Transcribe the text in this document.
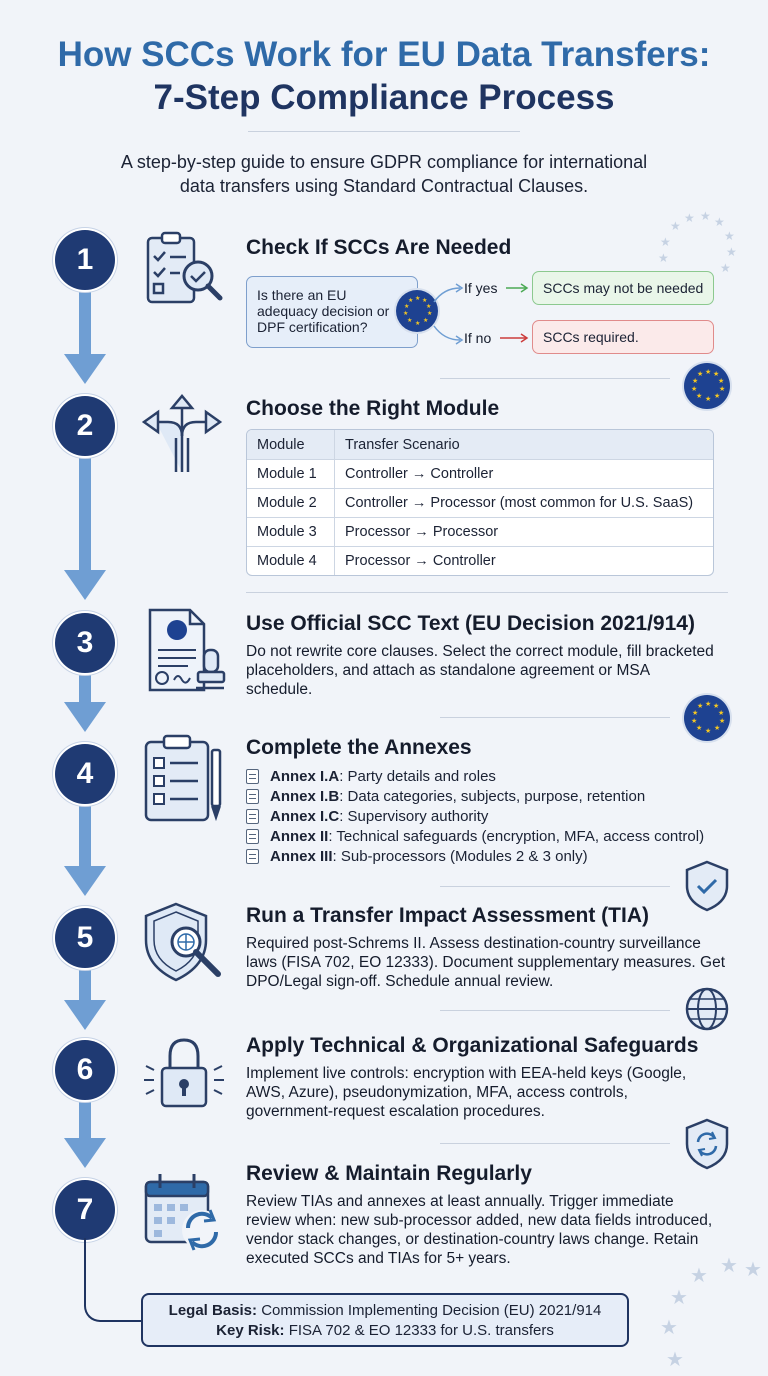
How SCCs Work for EU Data Transfers:
7-Step Compliance Process
A step-by-step guide to ensure GDPR compliance for international
data transfers using Standard Contractual Clauses.
★
★
★ ★ ★
★
★
★
★
1
2
3
4
5
6
7
Check If SCCs Are Needed
Is there an EU adequacy decision or DPF certification?
★ ★
★
★
★
★
★
★
★
★
If yes
If no
SCCs may not be needed
SCCs required.
★ ★
★
★
★
★
★
★
★
★
Choose the Right Module
Module	Transfer Scenario
Module 1	Controller → Controller
Module 2	Controller → Processor (most common for U.S. SaaS)
Module 3	Processor → Processor
Module 4	Processor → Controller
Use Official SCC Text (EU Decision 2021/914)
Do not rewrite core clauses. Select the correct module, fill bracketed placeholders, and attach as standalone agreement or MSA schedule.
★ ★
★
★
★
★
★
★
★
★
Complete the Annexes
Annex I.A : Party details and roles
Annex I.B : Data categories, subjects, purpose, retention
Annex I.C : Supervisory authority
Annex II : Technical safeguards (encryption, MFA, access control)
Annex III : Sub-processors (Modules 2 & 3 only)
Run a Transfer Impact Assessment (TIA)
Required post-Schrems II. Assess destination-country surveillance laws (FISA 702, EO 12333). Document supplementary measures. Get DPO/Legal sign-off. Schedule annual review.
Apply Technical & Organizational Safeguards
Implement live controls: encryption with EEA-held keys (Google, AWS, Azure), pseudonymization, MFA, access controls, government-request escalation procedures.
Review & Maintain Regularly
Review TIAs and annexes at least annually. Trigger immediate review when: new sub-processor added, new data fields introduced, vendor stack changes, or destination-country laws change. Retain executed SCCs and TIAs for 5+ years.
Legal Basis: Commission Implementing Decision (EU) 2021/914
Key Risk: FISA 702 & EO 12333 for U.S. transfers
★ ★ ★
★
★
★
